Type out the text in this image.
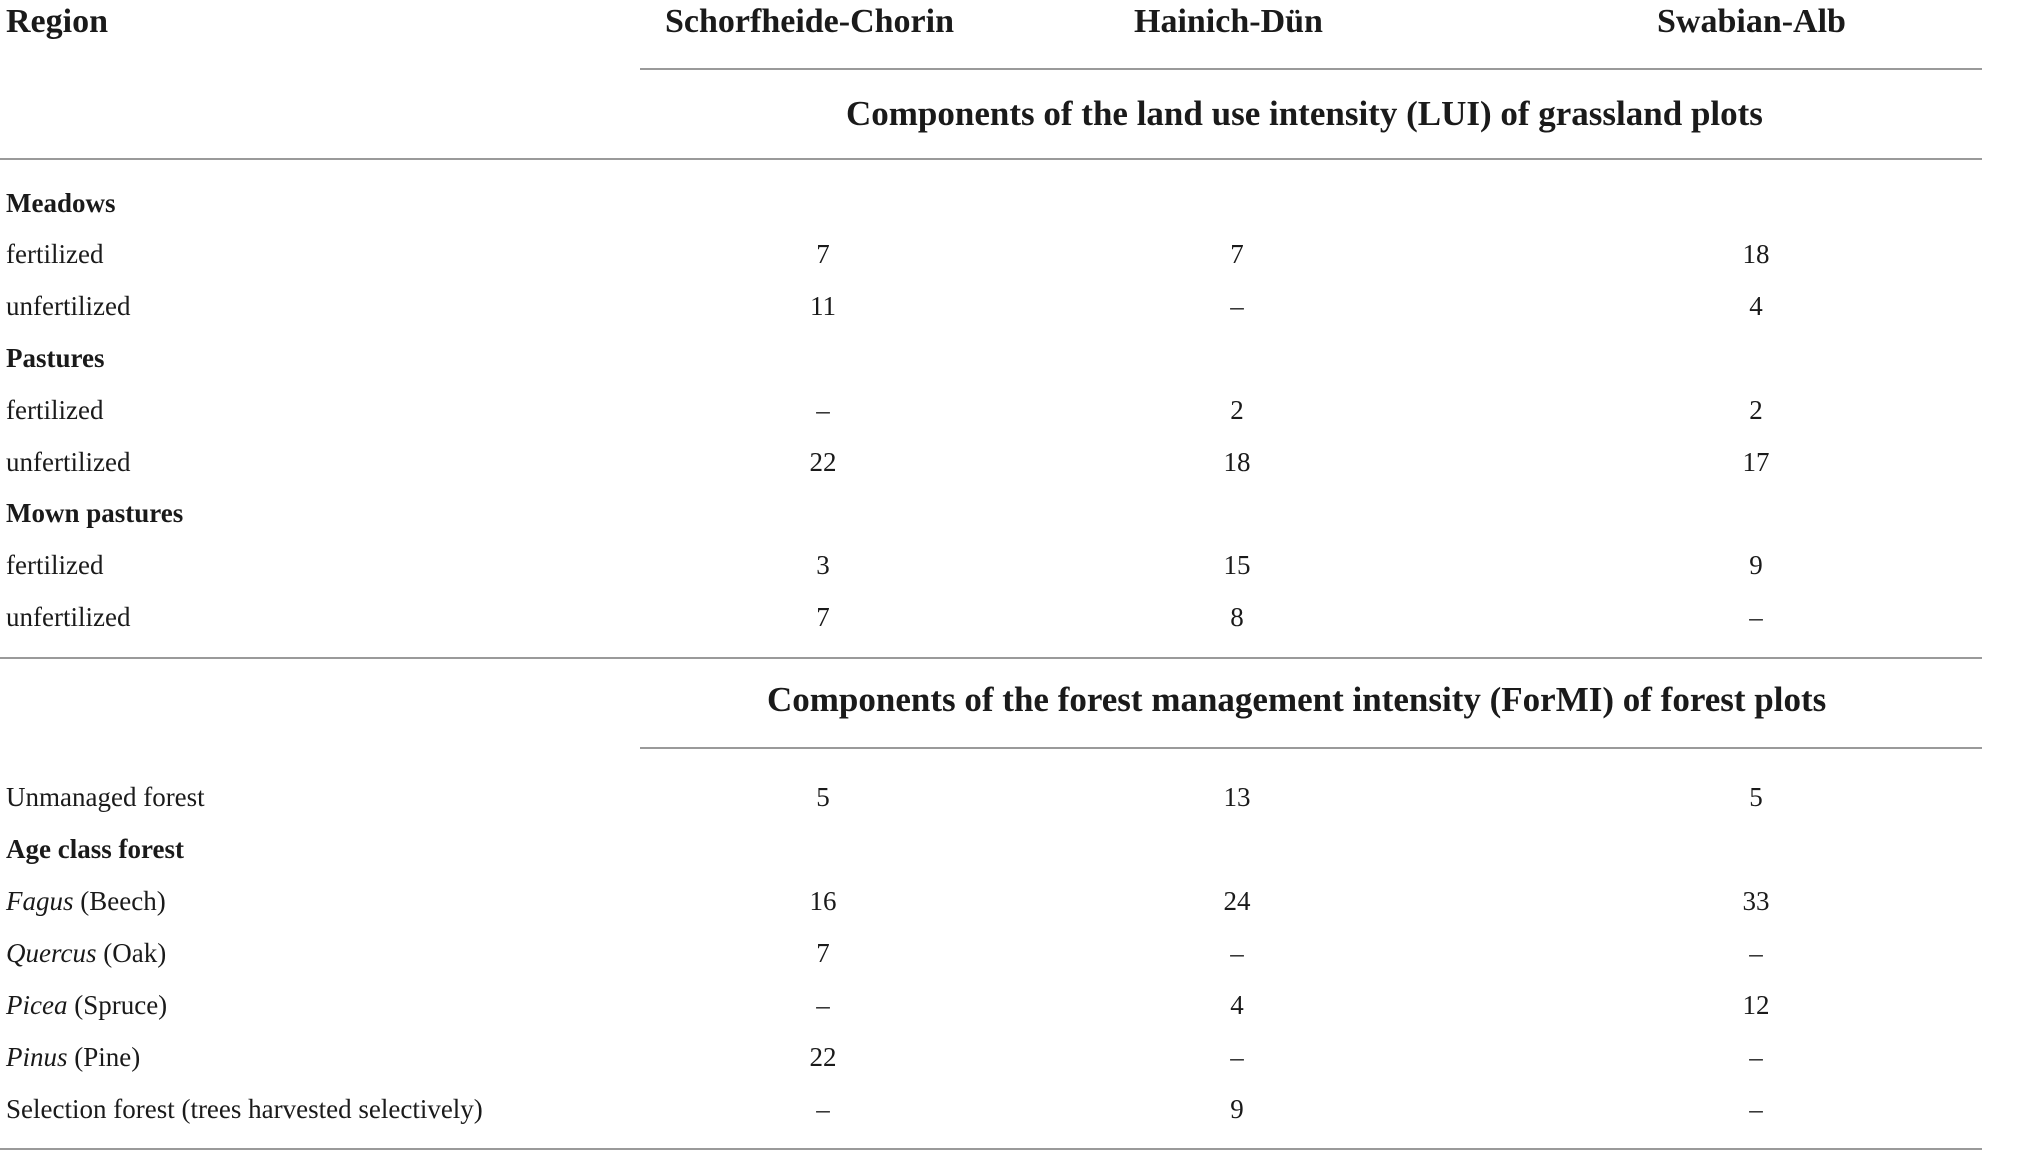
Region	Schorfheide-Chorin	Hainich-Dün	Swabian-Alb
Components of the land use intensity (LUI) of grassland plots
Meadows
fertilized	7	7	18
unfertilized	11	–	4
Pastures
fertilized	–	2	2
unfertilized	22	18	17
Mown pastures
fertilized	3	15	9
unfertilized	7	8	–
Components of the forest management intensity (ForMI) of forest plots
Unmanaged forest	5	13	5
Age class forest
Fagus (Beech)	16	24	33
Quercus (Oak)	7	–	–
Picea (Spruce)	–	4	12
Pinus (Pine)	22	–	–
Selection forest (trees harvested selectively)	–	9	–
